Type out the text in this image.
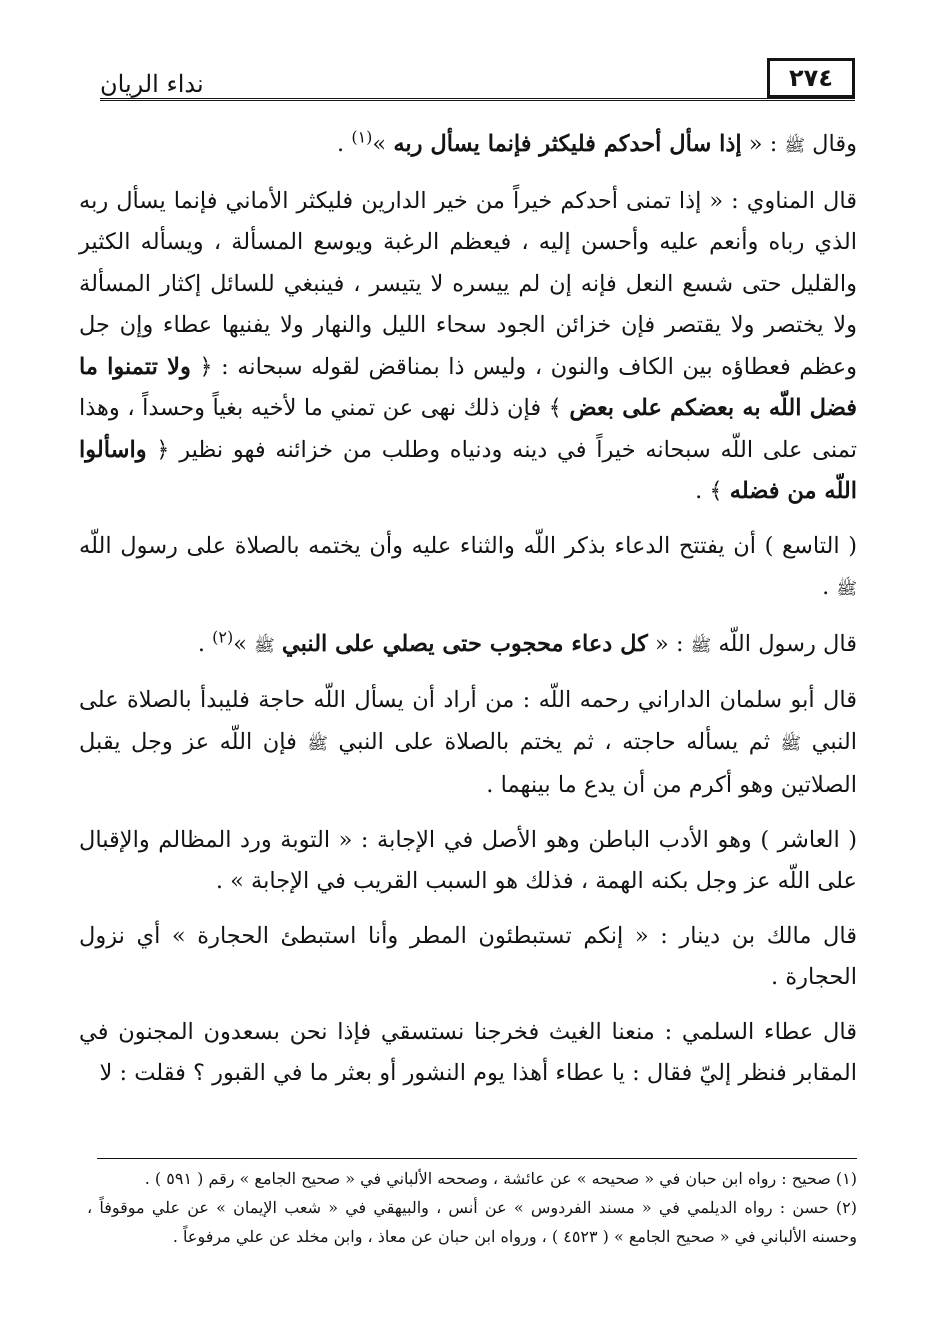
٢٧٤
نداء الريان

وقال ﷺ : « إذا سأل أحدكم فليكثر فإنما يسأل ربه »$^{(١)}$ .

قال المناوي : « إذا تمنى أحدكم خيراً من خير الدارين فليكثر الأماني فإنما يسأل ربه الذي رباه وأنعم عليه وأحسن إليه ، فيعظم الرغبة ويوسع المسألة ، ويسأله الكثير والقليل حتى شسع النعل فإنه إن لم ييسره لا يتيسر ، فينبغي للسائل إكثار المسألة ولا يختصر ولا يقتصر فإن خزائن الجود سحاء الليل والنهار ولا يفنيها عطاء وإن جل وعظم فعطاؤه بين الكاف والنون ، وليس ذا بمناقض لقوله سبحانه : ﴿ ولا تتمنوا ما فضل اللّه به بعضكم على بعض ﴾ فإن ذلك نهى عن تمني ما لأخيه بغياً وحسداً ، وهذا تمنى على اللّه سبحانه خيراً في دينه ودنياه وطلب من خزائنه فهو نظير ﴿ واسألوا اللّه من فضله ﴾ .

( التاسع ) أن يفتتح الدعاء بذكر اللّه والثناء عليه وأن يختمه بالصلاة على رسول اللّه ﷺ .

قال رسول اللّه ﷺ : « كل دعاء محجوب حتى يصلي على النبي ﷺ »$^{(٢)}$ .

قال أبو سلمان الداراني رحمه اللّه : من أراد أن يسأل اللّه حاجة فليبدأ بالصلاة على النبي ﷺ ثم يسأله حاجته ، ثم يختم بالصلاة على النبي ﷺ فإن اللّه عز وجل يقبل الصلاتين وهو أكرم من أن يدع ما بينهما .

( العاشر ) وهو الأدب الباطن وهو الأصل في الإجابة : « التوبة ورد المظالم والإقبال على اللّه عز وجل بكنه الهمة ، فذلك هو السبب القريب في الإجابة » .

قال مالك بن دينار : « إنكم تستبطئون المطر وأنا استبطئ الحجارة » أي نزول الحجارة .

قال عطاء السلمي : منعنا الغيث فخرجنا نستسقي فإذا نحن بسعدون المجنون في المقابر فنظر إليّ فقال : يا عطاء أهذا يوم النشور أو بعثر ما في القبور ؟ فقلت : لا

(١) صحيح : رواه ابن حبان في « صحيحه » عن عائشة ، وصححه الألباني في « صحيح الجامع » رقم ( ٥٩١ ) .

(٢) حسن : رواه الديلمي في « مسند الفردوس » عن أنس ، والبيهقي في « شعب الإيمان » عن علي موقوفاً ، وحسنه الألباني في « صحيح الجامع » ( ٤٥٢٣ ) ، ورواه ابن حبان عن معاذ ، وابن مخلد عن علي مرفوعاً .
